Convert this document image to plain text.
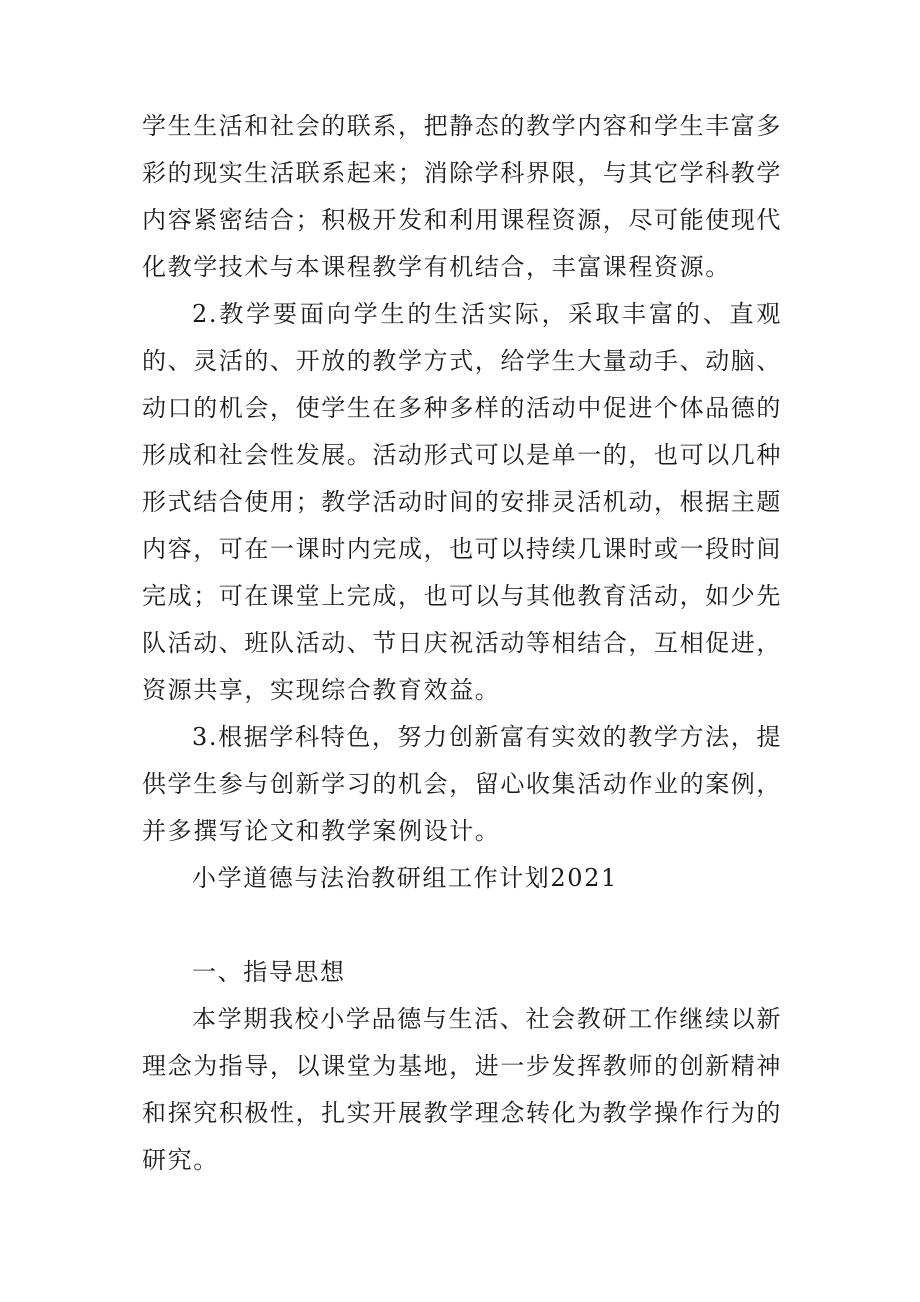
学生生活和社会的联系，把静态的教学内容和学生丰富多彩的现实生活联系起来；消除学科界限，与其它学科教学内容紧密结合；积极开发和利用课程资源，尽可能使现代化教学技术与本课程教学有机结合，丰富课程资源。

2.教学要面向学生的生活实际，采取丰富的、直观的、灵活的、开放的教学方式，给学生大量动手、动脑、动口的机会，使学生在多种多样的活动中促进个体品德的形成和社会性发展。活动形式可以是单一的，也可以几种形式结合使用；教学活动时间的安排灵活机动，根据主题内容，可在一课时内完成，也可以持续几课时或一段时间完成；可在课堂上完成，也可以与其他教育活动，如少先队活动、班队活动、节日庆祝活动等相结合，互相促进，资源共享，实现综合教育效益。

3.根据学科特色，努力创新富有实效的教学方法，提供学生参与创新学习的机会，留心收集活动作业的案例，并多撰写论文和教学案例设计。

小学道德与法治教研组工作计划2021

一、指导思想

本学期我校小学品德与生活、社会教研工作继续以新理念为指导，以课堂为基地，进一步发挥教师的创新精神和探究积极性，扎实开展教学理念转化为教学操作行为的研究。
